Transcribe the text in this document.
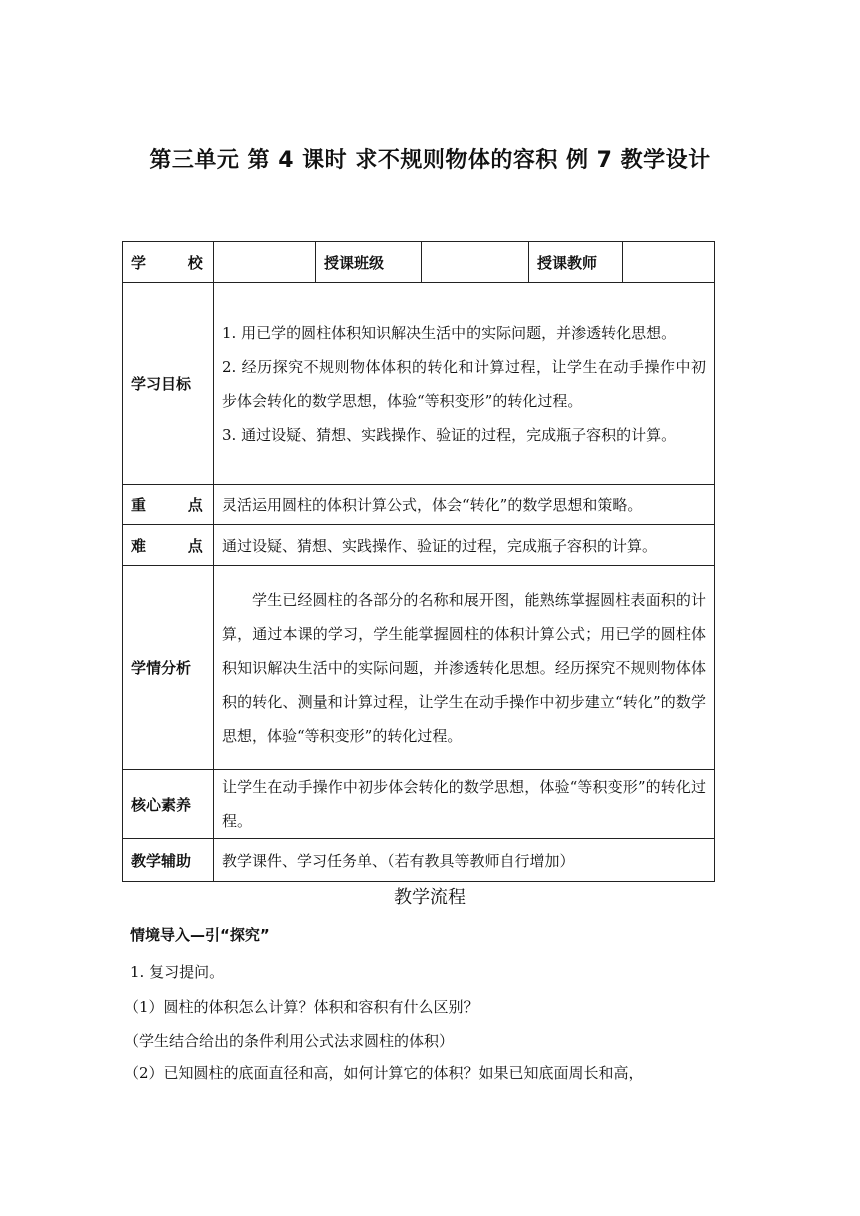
第三单元 第 4 课时 求不规则物体的容积 例 7 教学设计
学        校		授课班级		授课教师	
学习目标	1. 用已学的圆柱体积知识解决生活中的实际问题，并渗透转化思想。
2. 经历探究不规则物体体积的转化和计算过程，让学生在动手操作中初步体会转化的数学思想，体验“等积变形”的转化过程。
3. 通过设疑、猜想、实践操作、验证的过程，完成瓶子容积的计算。				

重        点	灵活运用圆柱的体积计算公式，体会“转化”的数学思想和策略。				
难        点	通过设疑、猜想、实践操作、验证的过程，完成瓶子容积的计算。				
学情分析	学生已经圆柱的各部分的名称和展开图，能熟练掌握圆柱表面积的计算，通过本课的学习，学生能掌握圆柱的体积计算公式；用已学的圆柱体积知识解决生活中的实际问题，并渗透转化思想。经历探究不规则物体体积的转化、测量和计算过程，让学生在动手操作中初步建立“转化”的数学思想，体验“等积变形”的转化过程。				
核心素养	让学生在动手操作中初步体会转化的数学思想，体验“等积变形”的转化过程。				
教学辅助	教学课件、学习任务单、（若有教具等教师自行增加）				
教学流程
情境导入—引“探究”
1. 复习提问。
（1）圆柱的体积怎么计算？体积和容积有什么区别？
（学生结合给出的条件利用公式法求圆柱的体积）
（2）已知圆柱的底面直径和高，如何计算它的体积？如果已知底面周长和高，
